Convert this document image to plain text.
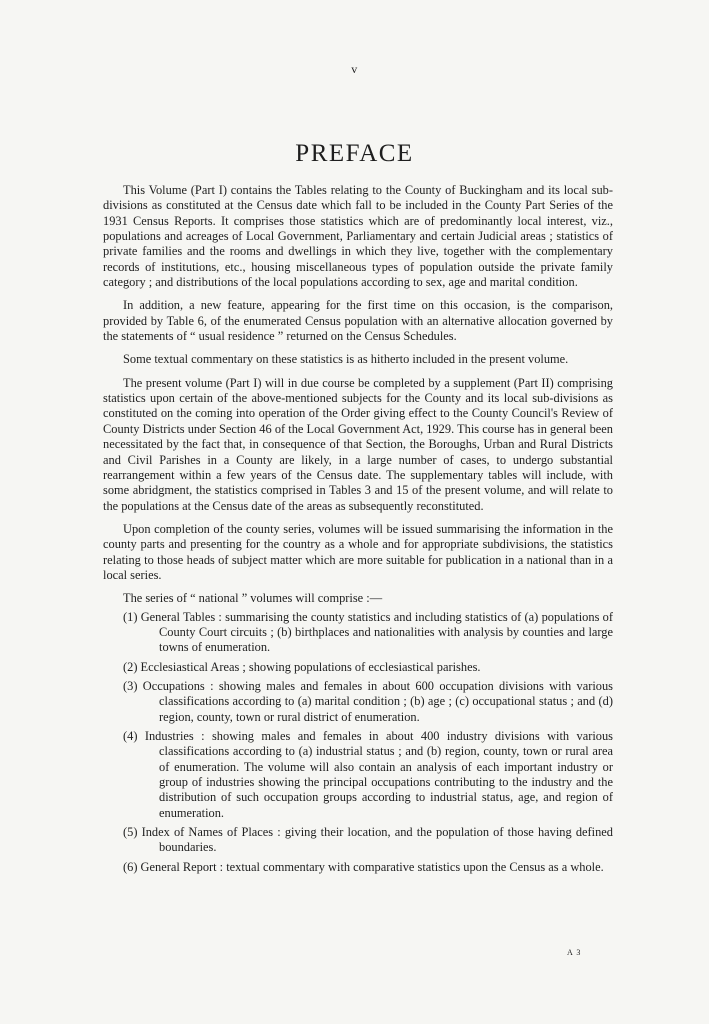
v
PREFACE

This Volume (Part I) contains the Tables relating to the County of Buckingham and its local sub-divisions as constituted at the Census date which fall to be included in the County Part Series of the 1931 Census Reports. It comprises those statistics which are of predominantly local interest, viz., populations and acreages of Local Government, Parliamentary and certain Judicial areas ; statistics of private families and the rooms and dwellings in which they live, together with the complementary records of institutions, etc., housing miscellaneous types of population outside the private family category ; and distributions of the local populations according to sex, age and marital condition.

In addition, a new feature, appearing for the first time on this occasion, is the comparison, provided by Table 6, of the enumerated Census population with an alternative allocation governed by the statements of “ usual residence ” returned on the Census Schedules.

Some textual commentary on these statistics is as hitherto included in the present volume.

The present volume (Part I) will in due course be completed by a supplement (Part II) comprising statistics upon certain of the above-mentioned subjects for the County and its local sub-divisions as constituted on the coming into operation of the Order giving effect to the County Council's Review of County Districts under Section 46 of the Local Government Act, 1929. This course has in general been necessitated by the fact that, in consequence of that Section, the Boroughs, Urban and Rural Districts and Civil Parishes in a County are likely, in a large number of cases, to undergo substantial rearrangement within a few years of the Census date. The supplementary tables will include, with some abridgment, the statistics comprised in Tables 3 and 15 of the present volume, and will relate to the populations at the Census date of the areas as subsequently reconstituted.

Upon completion of the county series, volumes will be issued summarising the information in the county parts and presenting for the country as a whole and for appropriate subdivisions, the statistics relating to those heads of subject matter which are more suitable for publication in a national than in a local series.

The series of “ national ” volumes will comprise :—

(1) General Tables : summarising the county statistics and including statistics of (a) populations of County Court circuits ; (b) birthplaces and nationalities with analysis by counties and large towns of enumeration.
(2) Ecclesiastical Areas ; showing populations of ecclesiastical parishes.
(3) Occupations : showing males and females in about 600 occupation divisions with various classifications according to (a) marital condition ; (b) age ; (c) occupational status ; and (d) region, county, town or rural district of enumeration.
(4) Industries : showing males and females in about 400 industry divisions with various classifications according to (a) industrial status ; and (b) region, county, town or rural area of enumeration. The volume will also contain an analysis of each important industry or group of industries showing the principal occupations contributing to the industry and the distribution of such occupation groups according to industrial status, age, and region of enumeration.
(5) Index of Names of Places : giving their location, and the population of those having defined boundaries.
(6) General Report : textual commentary with comparative statistics upon the Census as a whole.
A 3
